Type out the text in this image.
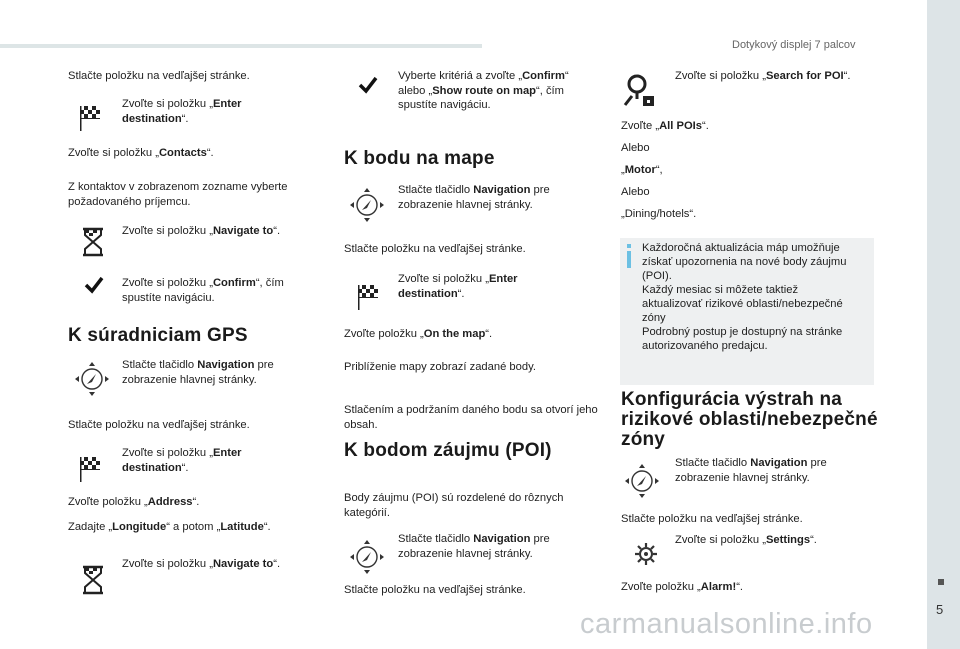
Dotykový displej 7 palcov
5
Stlačte položku na vedľajšej stránke.
Zvoľte si položku „Enter destination“.
Zvoľte si položku „Contacts“.
Z kontaktov v zobrazenom zozname vyberte požadovaného príjemcu.
Zvoľte si položku „Navigate to“.
Zvoľte si položku „Confirm“, čím spustíte navigáciu.
K súradniciam GPS
Stlačte tlačidlo Navigation pre zobrazenie hlavnej stránky.
Stlačte položku na vedľajšej stránke.
Zvoľte si položku „Enter destination“.
Zvoľte položku „Address“.
Zadajte „Longitude“ a potom „Latitude“.
Zvoľte si položku „Navigate to“.
Vyberte kritériá a zvoľte „Confirm“ alebo „Show route on map“, čím spustíte navigáciu.
K bodu na mape
Stlačte tlačidlo Navigation pre zobrazenie hlavnej stránky.
Stlačte položku na vedľajšej stránke.
Zvoľte si položku „Enter destination“.
Zvoľte položku „On the map“.
Priblíženie mapy zobrazí zadané body.
Stlačením a podržaním daného bodu sa otvorí jeho obsah.
K bodom záujmu (POI)
Body záujmu (POI) sú rozdelené do rôznych kategórií.
Stlačte tlačidlo Navigation pre zobrazenie hlavnej stránky.
Stlačte položku na vedľajšej stránke.
Zvoľte si položku „Search for POI“.
Zvoľte „All POIs“.
Alebo
„Motor“,
Alebo
„Dining/hotels“.
Každoročná aktualizácia máp umožňuje
získať upozornenia na nové body záujmu
(POI).
Každý mesiac si môžete taktiež
aktualizovať rizikové oblasti/nebezpečné
zóny
Podrobný postup je dostupný na stránke
autorizovaného predajcu.
Konfigurácia výstrah na
rizikové oblasti/nebezpečné
zóny
Stlačte tlačidlo Navigation pre zobrazenie hlavnej stránky.
Stlačte položku na vedľajšej stránke.
Zvoľte si položku „Settings“.
Zvoľte položku „Alarm!“.
carmanualsonline.info
